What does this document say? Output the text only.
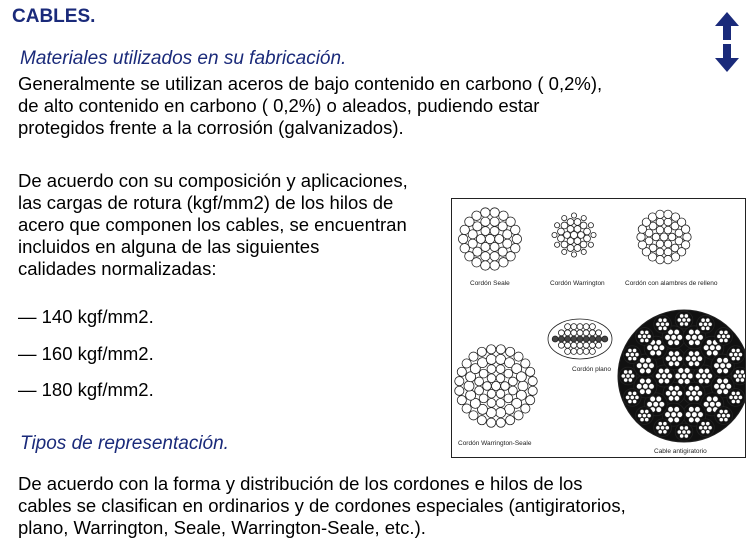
CABLES.
Materiales utilizados en su fabricación.
Generalmente se utilizan aceros de bajo contenido en carbono ( 0,2%),
de alto contenido en carbono ( 0,2%) o aleados, pudiendo estar
protegidos frente a la corrosión (galvanizados).
De acuerdo con su composición y aplicaciones,
las cargas de rotura (kgf/mm2) de los hilos de
acero que componen los cables, se encuentran
incluidos en alguna de las siguientes
calidades normalizadas:
— 140 kgf/mm2.
— 160 kgf/mm2.
— 180 kgf/mm2.
Tipos de representación.
De acuerdo con la forma y distribución de los cordones e hilos de los
cables se clasifican en ordinarios y de cordones especiales (antigiratorios,
plano, Warrington, Seale, Warrington-Seale, etc.).
Cordón Seale	Cordón Warrington	Cordón con alambres de relleno
Cordón plano
Cordón Warrington-Seale
Cable antigiratorio
